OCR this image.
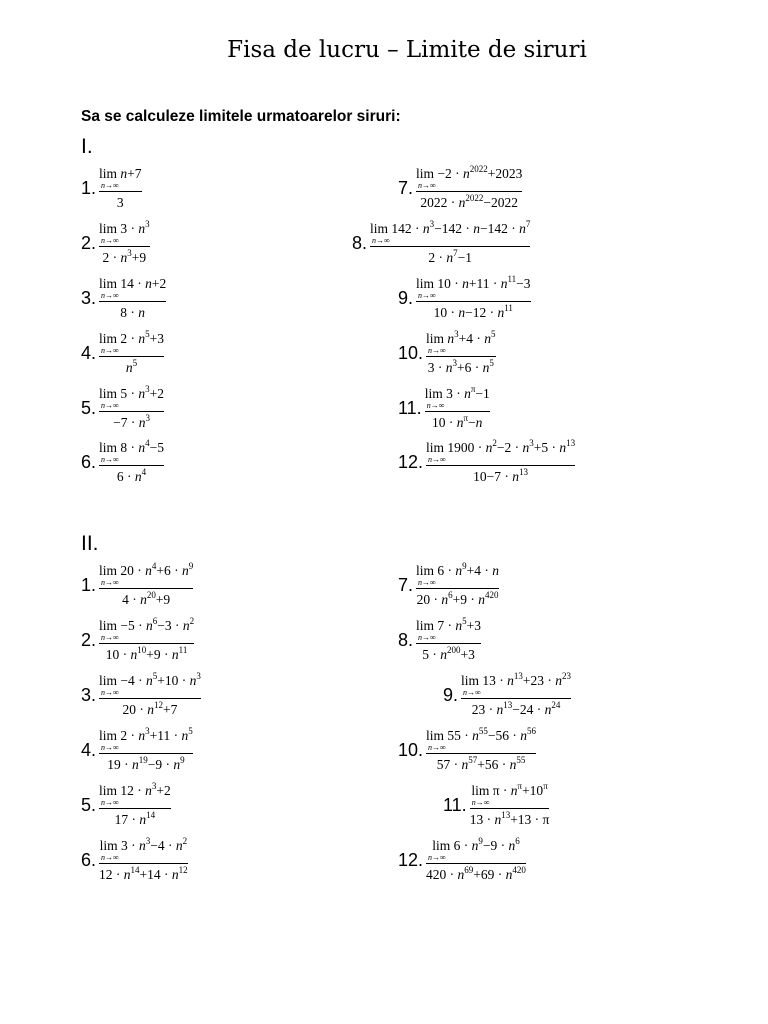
Fisa de lucru – Limite de siruri
Sa se calculeze limitele urmatoarelor siruri:
I.
II.
1.
lim n+7
n→∞
3
2.
$\lim 3 \cdot n^3$
n→∞
$2 \cdot n^3+9$
3.
lim 14 · n+2
n→∞
8 · n
4.
$\lim 2 \cdot n^5+3$
n→∞
$n^5$
5.
$\lim 5 \cdot n^3+2$
n→∞
$-7 \cdot n^3$
6.
$\lim 8 \cdot n^4-5$
n→∞
$6 \cdot n^4$
7.
$\lim -2 \cdot n^{2022}+2023$
n→∞
$2022 \cdot n^{2022}-2022$
8.
$\lim 142 \cdot n^3-142 \cdot n-142 \cdot n^7$
n→∞
$2 \cdot n^7-1$
9.
$\lim 10 \cdot n+11 \cdot n^{11}-3$
n→∞
$10 \cdot n-12 \cdot n^{11}$
10.
$\lim n^3+4 \cdot n^5$
n→∞
$3 \cdot n^3+6 \cdot n^5$
11.
$\lim 3 \cdot n^\pi-1$
n→∞
$10 \cdot n^\pi-n$
12.
$\lim 1900 \cdot n^2-2 \cdot n^3+5 \cdot n^{13}$
n→∞
$10-7 \cdot n^{13}$
1.
$\lim 20 \cdot n^4+6 \cdot n^9$
n→∞
$4 \cdot n^{20}+9$
2.
$\lim -5 \cdot n^6-3 \cdot n^2$
n→∞
$10 \cdot n^{10}+9 \cdot n^{11}$
3.
$\lim -4 \cdot n^5+10 \cdot n^3$
n→∞
$20 \cdot n^{12}+7$
4.
$\lim 2 \cdot n^3+11 \cdot n^5$
n→∞
$19 \cdot n^{19}-9 \cdot n^9$
5.
$\lim 12 \cdot n^3+2$
n→∞
$17 \cdot n^{14}$
6.
$\lim 3 \cdot n^3-4 \cdot n^2$
n→∞
$12 \cdot n^{14}+14 \cdot n^{12}$
7.
$\lim 6 \cdot n^9+4 \cdot n$
n→∞
$20 \cdot n^6+9 \cdot n^{420}$
8.
$\lim 7 \cdot n^5+3$
n→∞
$5 \cdot n^{200}+3$
9.
$\lim 13 \cdot n^{13}+23 \cdot n^{23}$
n→∞
$23 \cdot n^{13}-24 \cdot n^{24}$
10.
$\lim 55 \cdot n^{55}-56 \cdot n^{56}$
n→∞
$57 \cdot n^{57}+56 \cdot n^{55}$
11.
$\lim \pi \cdot n^\pi+10^\pi$
n→∞
$13 \cdot n^{13}+13 \cdot \pi$
12.
$\lim 6 \cdot n^9-9 \cdot n^6$
n→∞
$420 \cdot n^{69}+69 \cdot n^{420}$
